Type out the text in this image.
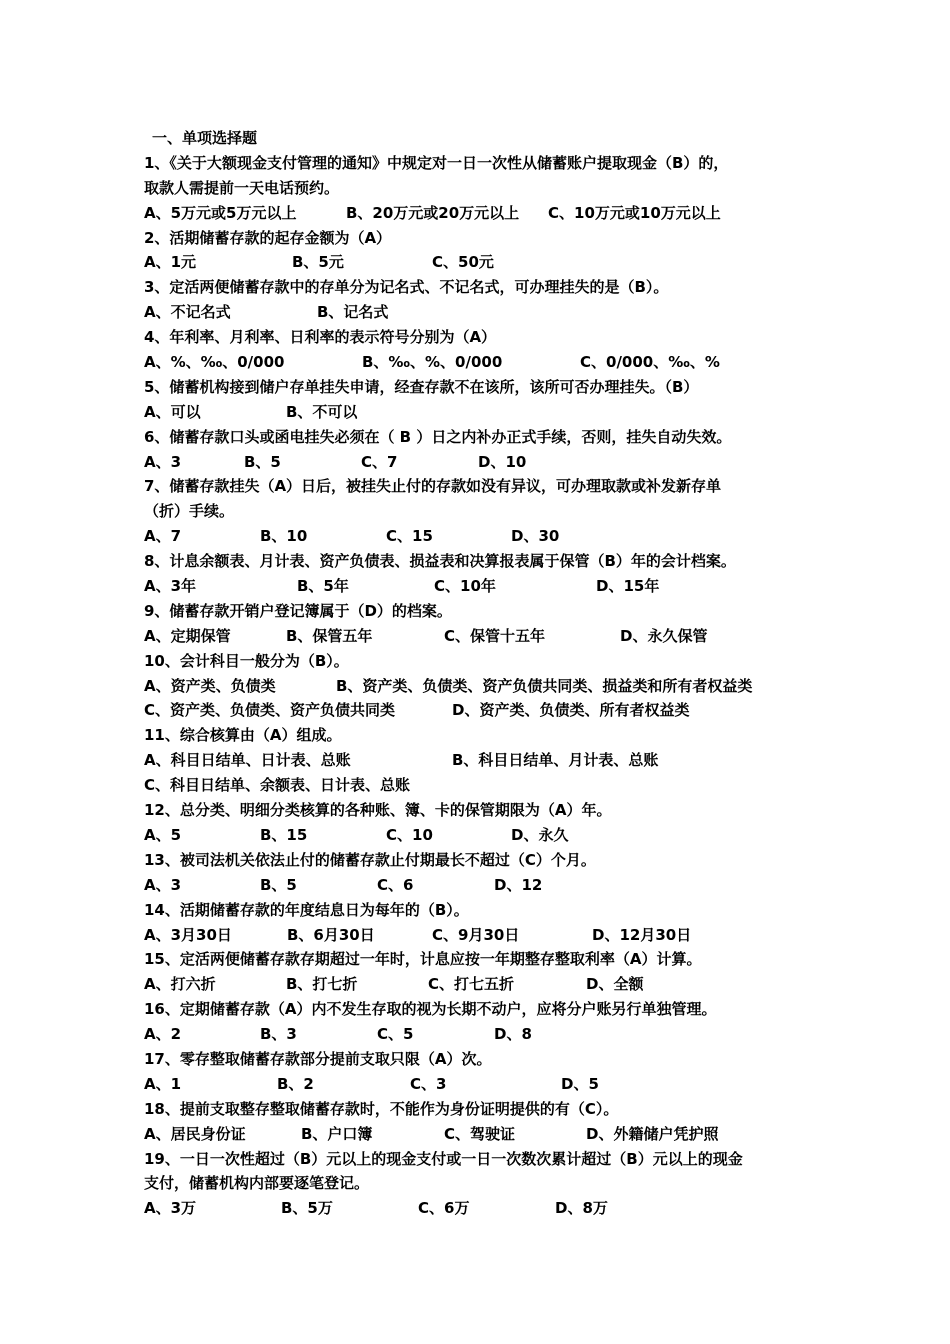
一、单项选择题
1、《关于大额现金支付管理的通知》中规定对一日一次性从储蓄账户提取现金（B）的，
取款人需提前一天电话预约。
A、5万元或5万元以上	B、20万元或20万元以上 C、10万元或10万元以上
2、活期储蓄存款的起存金额为（A）
A、1元	B、5元	C、50元
3、定活两便储蓄存款中的存单分为记名式、不记名式，可办理挂失的是（B）。
A、不记名式	B、记名式
4、年利率、月利率、日利率的表示符号分别为（A）
A、%、‰、0/000	B、‰、%、0/000	C、0/000、‰、%
5、储蓄机构接到储户存单挂失申请，经查存款不在该所，该所可否办理挂失。（B）
A、可以	B、不可以
6、储蓄存款口头或函电挂失必须在（ B ）日之内补办正式手续，否则，挂失自动失效。
A、3	B、5	C、7	D、10
7、储蓄存款挂失（A）日后，被挂失止付的存款如没有异议，可办理取款或补发新存单
（折）手续。
A、7	B、10	C、15	D、30
8、计息余额表、月计表、资产负债表、损益表和决算报表属于保管（B）年的会计档案。
A、3年	B、5年	C、10年	D、15年
9、储蓄存款开销户登记簿属于（D）的档案。
A、定期保管	B、保管五年	C、保管十五年	D、永久保管
10、会计科目一般分为（B）。
A、资产类、负债类	B、资产类、负债类、资产负债共同类、损益类和所有者权益类
C、资产类、负债类、资产负债共同类	D、资产类、负债类、所有者权益类
11、综合核算由（A）组成。
A、科目日结单、日计表、总账	B、科目日结单、月计表、总账
C、科目日结单、余额表、日计表、总账
12、总分类、明细分类核算的各种账、簿、卡的保管期限为（A）年。
A、5	B、15	C、10	D、永久
13、被司法机关依法止付的储蓄存款止付期最长不超过（C）个月。
A、3	B、5	C、6	D、12
14、活期储蓄存款的年度结息日为每年的（B）。
A、3月30日	B、6月30日	C、9月30日	D、12月30日
15、定活两便储蓄存款存期超过一年时，计息应按一年期整存整取利率（A）计算。
A、打六折	B、打七折	C、打七五折	D、全额
16、定期储蓄存款（A）内不发生存取的视为长期不动户，应将分户账另行单独管理。
A、2	B、3	C、5	D、8
17、零存整取储蓄存款部分提前支取只限（A）次。
A、1	B、2	C、3	D、5
18、提前支取整存整取储蓄存款时，不能作为身份证明提供的有（C）。
A、居民身份证	B、户口簿	C、驾驶证	D、外籍储户凭护照
19、一日一次性超过（B）元以上的现金支付或一日一次数次累计超过（B）元以上的现金
支付，储蓄机构内部要逐笔登记。
A、3万	B、5万	C、6万	D、8万
